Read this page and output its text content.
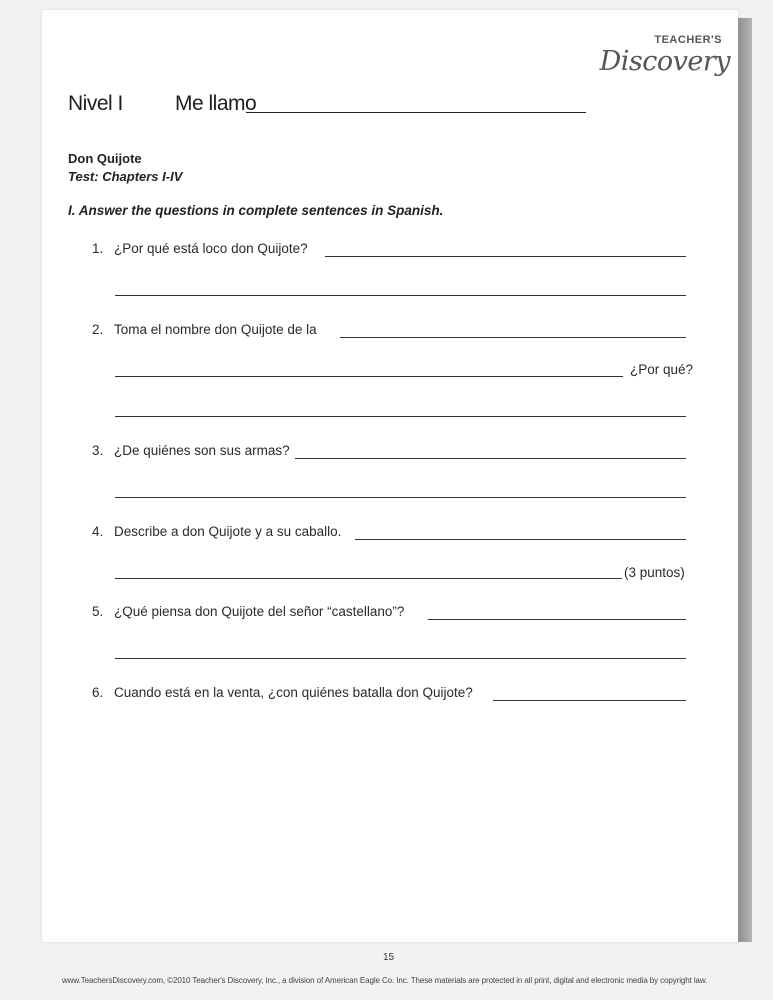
TEACHER'S
Discovery
Nivel I Me llamo
Don Quijote
Test: Chapters I-IV
I. Answer the questions in complete sentences in Spanish.
1. ¿Por qué está loco don Quijote?
2. Toma el nombre don Quijote de la
¿Por qué?
3. ¿De quiénes son sus armas?
4. Describe a don Quijote y a su caballo.
(3 puntos)
5. ¿Qué piensa don Quijote del señor “castellano”?
6. Cuando está en la venta, ¿con quiénes batalla don Quijote?
15
www.TeachersDiscovery.com, ©2010 Teacher's Discovery, Inc., a division of American Eagle Co. Inc. These materials are protected in all print, digital and electronic media by copyright law.
